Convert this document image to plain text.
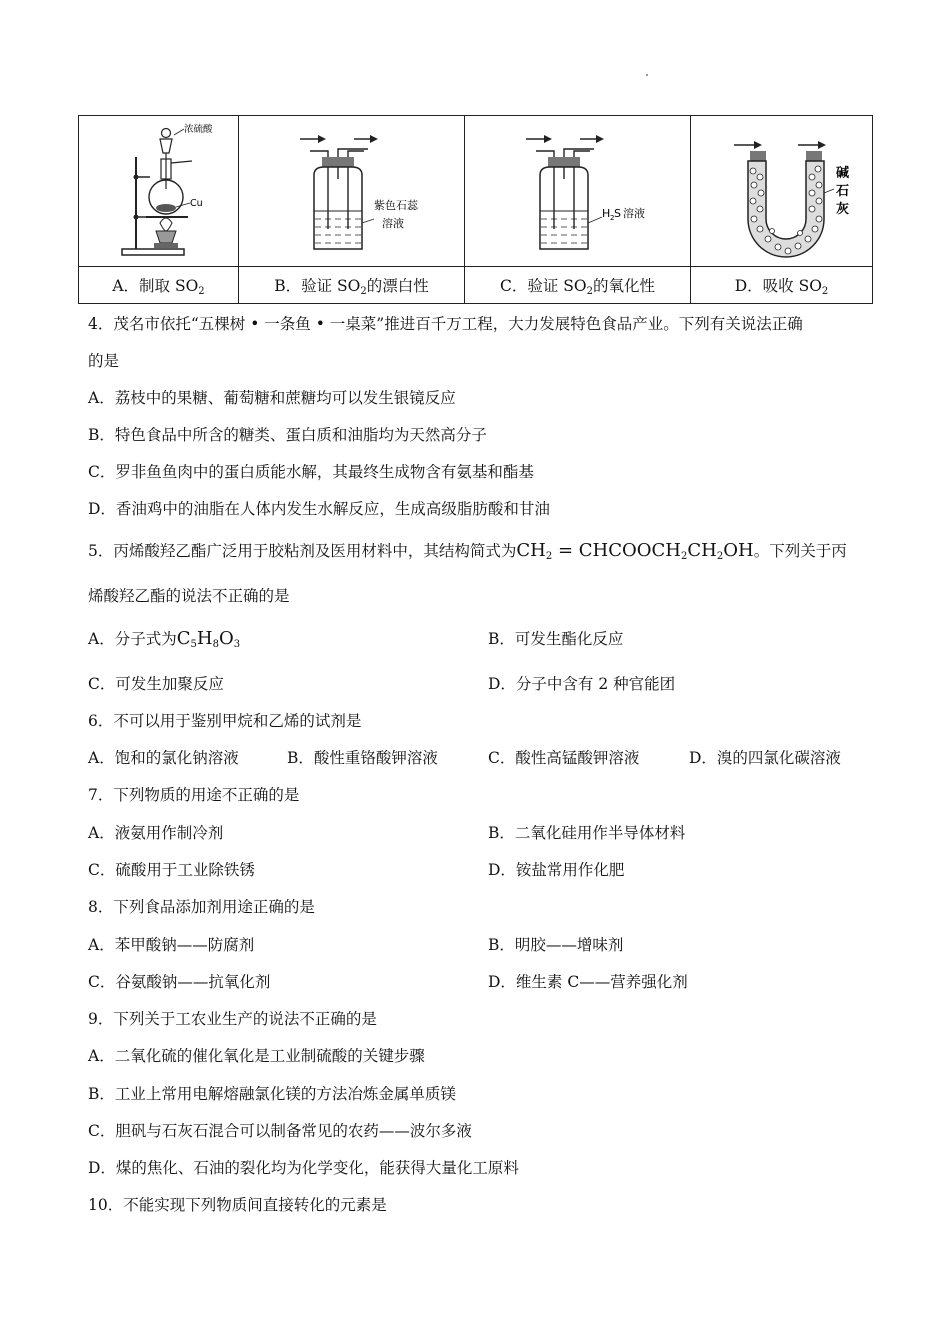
浓硫酸
Cu	紫色石蕊
溶液	H 2 S 溶液	碱
石
灰

A．制取 $SO_2$	B．验证 $SO_2$的漂白性	C．验证 $SO_2$的氧化性	D．吸收 $SO_2$
4．茂名市依托“五棵树 • 一条鱼 • 一桌菜”推进百千万工程，大力发展特色食品产业。下列有关说法正确
的是
A．荔枝中的果糖、葡萄糖和蔗糖均可以发生银镜反应
B．特色食品中所含的糖类、蛋白质和油脂均为天然高分子
C．罗非鱼鱼肉中的蛋白质能水解，其最终生成物含有氨基和酯基
D．香油鸡中的油脂在人体内发生水解反应，生成高级脂肪酸和甘油
5．丙烯酸羟乙酯广泛用于胶粘剂及医用材料中，其结构简式为$CH_2$ = $CHCOOCH_2CH_2OH$。下列关于丙
烯酸羟乙酯的说法不正确的是
A．分子式为$C_5H_8O_3$	B．可发生酯化反应
C．可发生加聚反应	D．分子中含有 2 种官能团
6．不可以用于鉴别甲烷和乙烯的试剂是
A．饱和的氯化钠溶液	B．酸性重铬酸钾溶液	C．酸性高锰酸钾溶液	D．溴的四氯化碳溶液
7．下列物质的用途不正确的是
A．液氨用作制冷剂	B．二氧化硅用作半导体材料
C．硫酸用于工业除铁锈	D．铵盐常用作化肥
8．下列食品添加剂用途正确的是
A．苯甲酸钠——防腐剂	B．明胶——增味剂
C．谷氨酸钠——抗氧化剂	D．维生素 C——营养强化剂
9．下列关于工农业生产的说法不正确的是
A．二氧化硫的催化氧化是工业制硫酸的关键步骤
B．工业上常用电解熔融氯化镁的方法冶炼金属单质镁
C．胆矾与石灰石混合可以制备常见的农药——波尔多液
D．煤的焦化、石油的裂化均为化学变化，能获得大量化工原料
10．不能实现下列物质间直接转化的元素是
